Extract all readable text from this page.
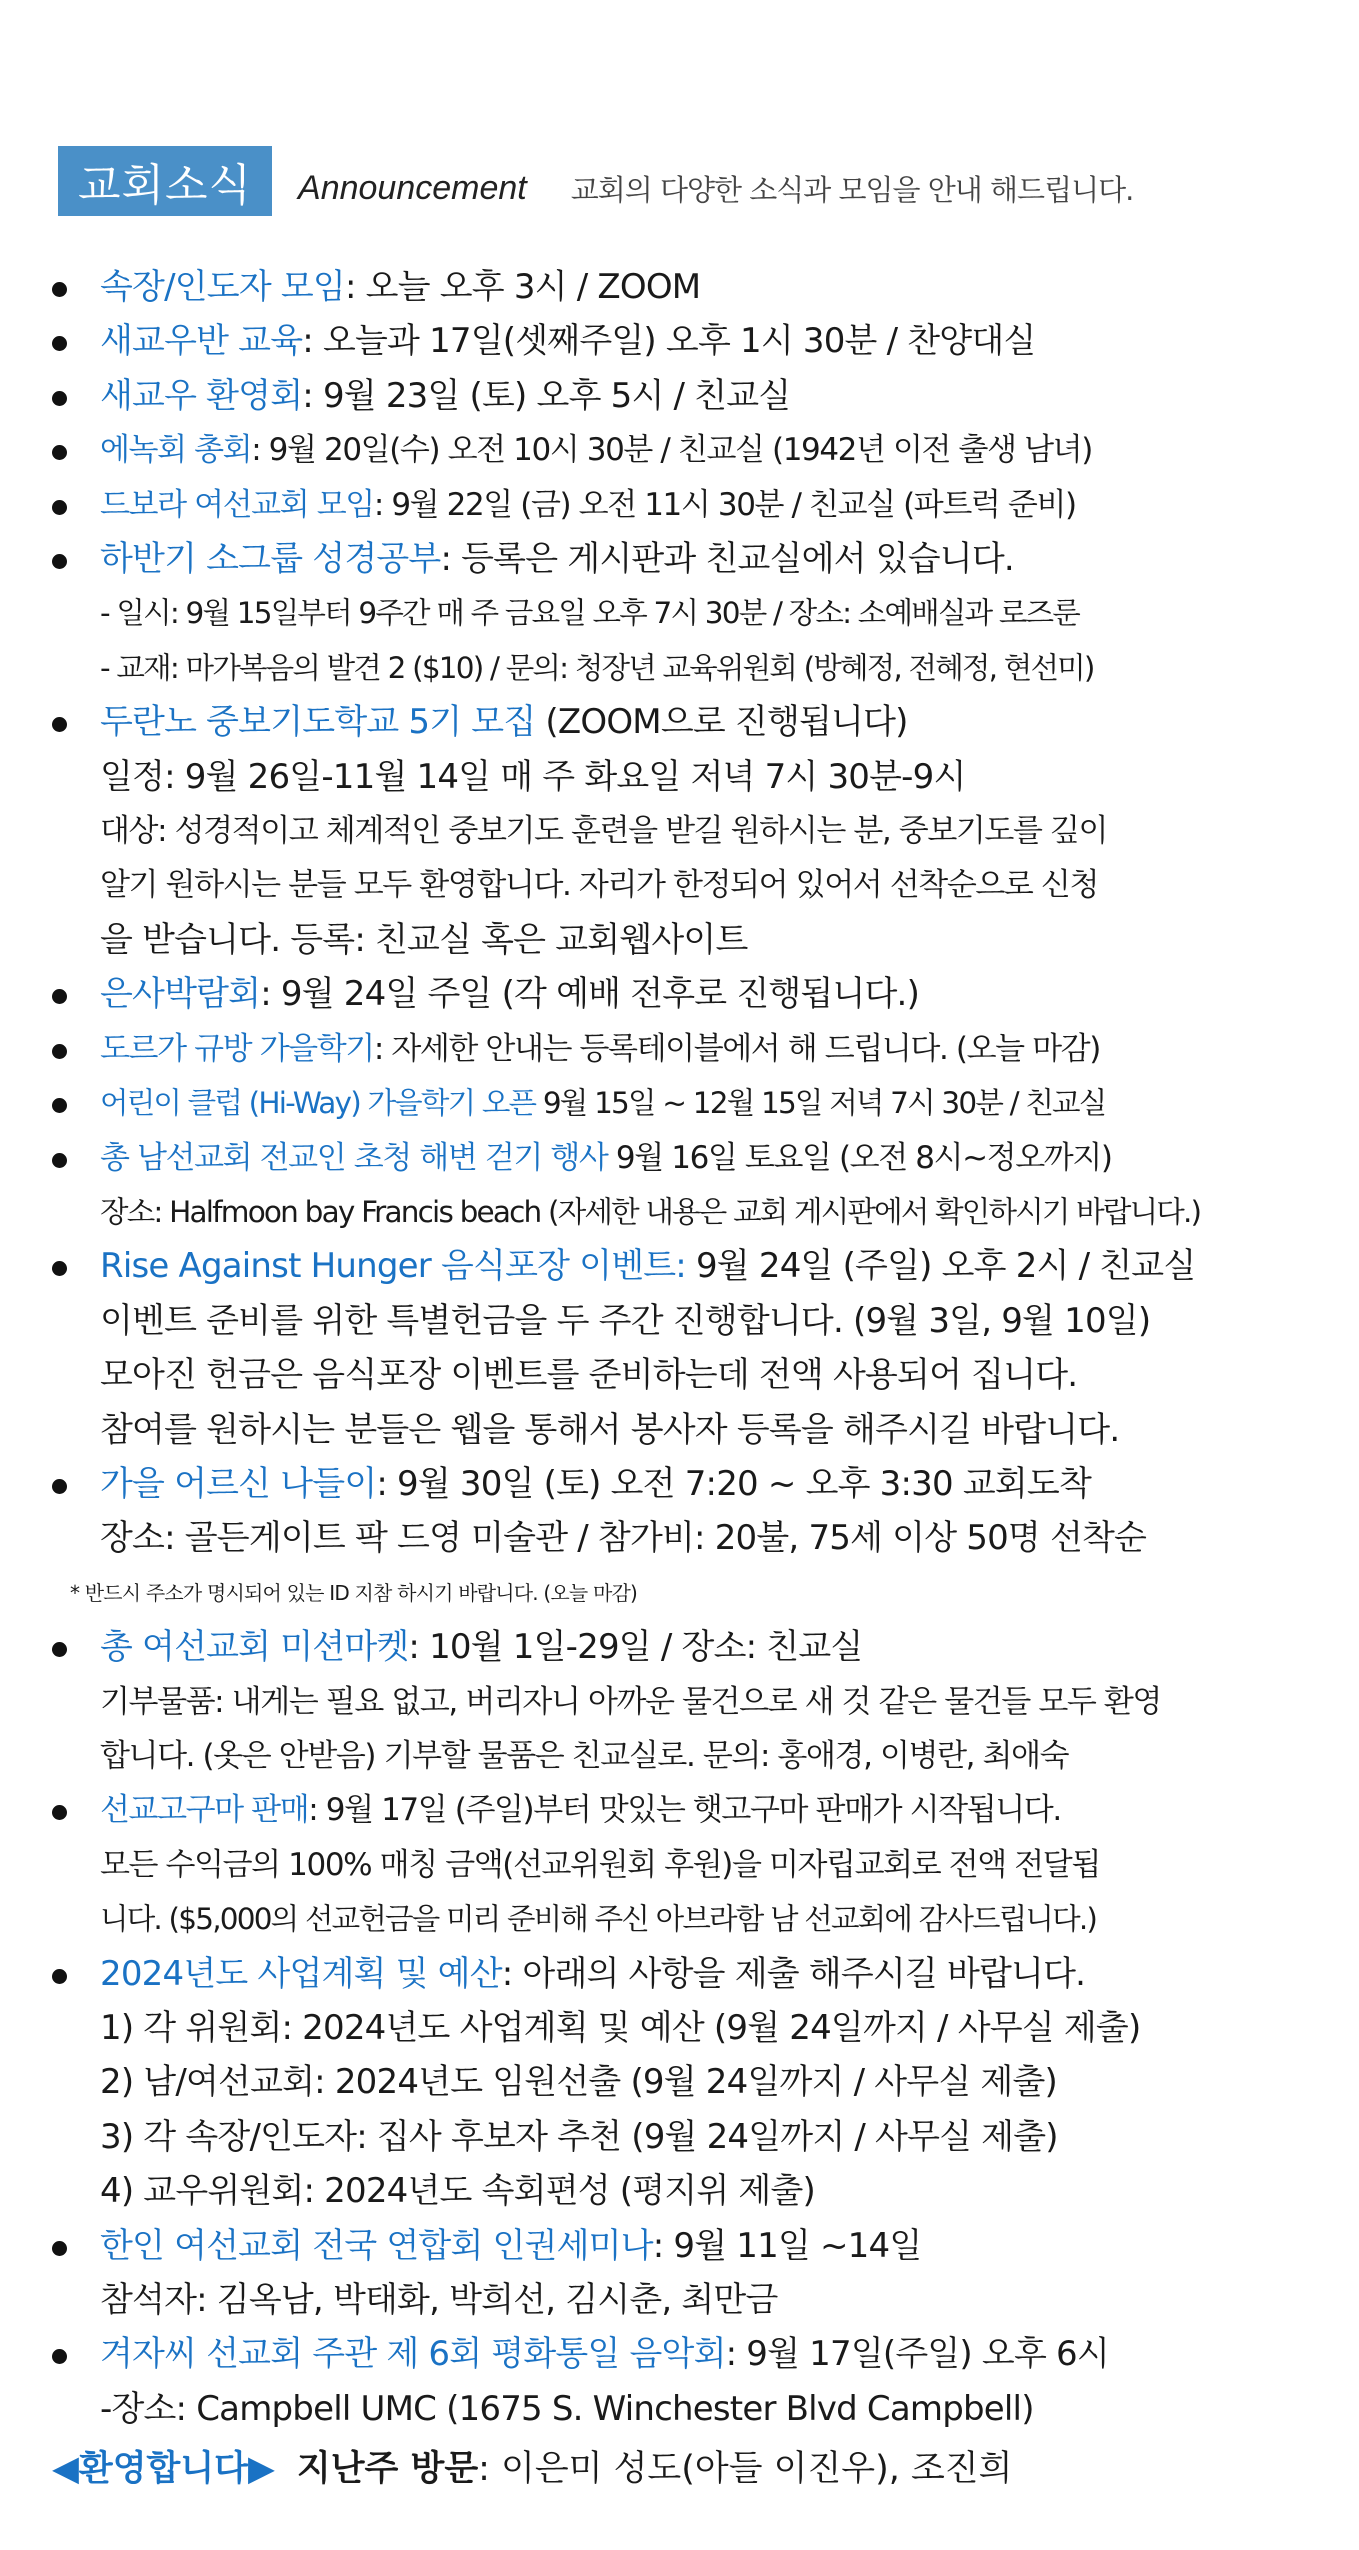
교회소식	Announcement 교회의 다양한 소식과 모임을 안내 해드립니다.
속장/인도자 모임: 오늘 오후 3시 / ZOOM
새교우반 교육: 오늘과 17일(셋째주일) 오후 1시 30분 / 찬양대실
새교우 환영회: 9월 23일 (토) 오후 5시 / 친교실
에녹회 총회: 9월 20일(수) 오전 10시 30분 / 친교실 (1942년 이전 출생 남녀)
드보라 여선교회 모임: 9월 22일 (금) 오전 11시 30분 / 친교실 (파트럭 준비)
하반기 소그룹 성경공부: 등록은 게시판과 친교실에서 있습니다.
- 일시: 9월 15일부터 9주간 매 주 금요일 오후 7시 30분 / 장소: 소예배실과 로즈룬
- 교재: 마가복음의 발견 2 ($10) / 문의: 청장년 교육위원회 (방혜정, 전혜정, 현선미)
두란노 중보기도학교 5기 모집 (ZOOM으로 진행됩니다)
일정: 9월 26일-11월 14일 매 주 화요일 저녁 7시 30분-9시
대상: 성경적이고 체계적인 중보기도 훈련을 받길 원하시는 분, 중보기도를 깊이
알기 원하시는 분들 모두 환영합니다. 자리가 한정되어 있어서 선착순으로 신청
을 받습니다. 등록: 친교실 혹은 교회웹사이트
은사박람회: 9월 24일 주일 (각 예배 전후로 진행됩니다.)
도르가 규방 가을학기: 자세한 안내는 등록테이블에서 해 드립니다. (오늘 마감)
어린이 클럽 (Hi-Way) 가을학기 오픈 9월 15일 ~ 12월 15일 저녁 7시 30분 / 친교실
총 남선교회 전교인 초청 해변 걷기 행사 9월 16일 토요일 (오전 8시~정오까지)
장소: Halfmoon bay Francis beach (자세한 내용은 교회 게시판에서 확인하시기 바랍니다.)
Rise Against Hunger 음식포장 이벤트: 9월 24일 (주일) 오후 2시 / 친교실
이벤트 준비를 위한 특별헌금을 두 주간 진행합니다. (9월 3일, 9월 10일)
모아진 헌금은 음식포장 이벤트를 준비하는데 전액 사용되어 집니다.
참여를 원하시는 분들은 웹을 통해서 봉사자 등록을 해주시길 바랍니다.
가을 어르신 나들이: 9월 30일 (토) 오전 7:20 ~ 오후 3:30 교회도착
장소: 골든게이트 팍 드영 미술관 / 참가비: 20불, 75세 이상 50명 선착순
* 반드시 주소가 명시되어 있는 ID 지참 하시기 바랍니다. (오늘 마감)
총 여선교회 미션마켓: 10월 1일-29일 / 장소: 친교실
기부물품: 내게는 필요 없고, 버리자니 아까운 물건으로 새 것 같은 물건들 모두 환영
합니다. (옷은 안받음) 기부할 물품은 친교실로. 문의: 홍애경, 이병란, 최애숙
선교고구마 판매: 9월 17일 (주일)부터 맛있는 햇고구마 판매가 시작됩니다.
모든 수익금의 100% 매칭 금액(선교위원회 후원)을 미자립교회로 전액 전달됩
니다. ($5,000의 선교헌금을 미리 준비해 주신 아브라함 남 선교회에 감사드립니다.)
2024년도 사업계획 및 예산: 아래의 사항을 제출 해주시길 바랍니다.
1) 각 위원회: 2024년도 사업계획 및 예산 (9월 24일까지 / 사무실 제출)
2) 남/여선교회: 2024년도 임원선출 (9월 24일까지 / 사무실 제출)
3) 각 속장/인도자: 집사 후보자 추천 (9월 24일까지 / 사무실 제출)
4) 교우위원회: 2024년도 속회편성 (평지위 제출)
한인 여선교회 전국 연합회 인권세미나: 9월 11일 ~14일
참석자: 김옥남, 박태화, 박희선, 김시춘, 최만금
겨자씨 선교회 주관 제 6회 평화통일 음악회: 9월 17일(주일) 오후 6시
-장소: Campbell UMC (1675 S. Winchester Blvd Campbell)
◀환영합니다▶ 지난주 방문: 이은미 성도(아들 이진우), 조진희
